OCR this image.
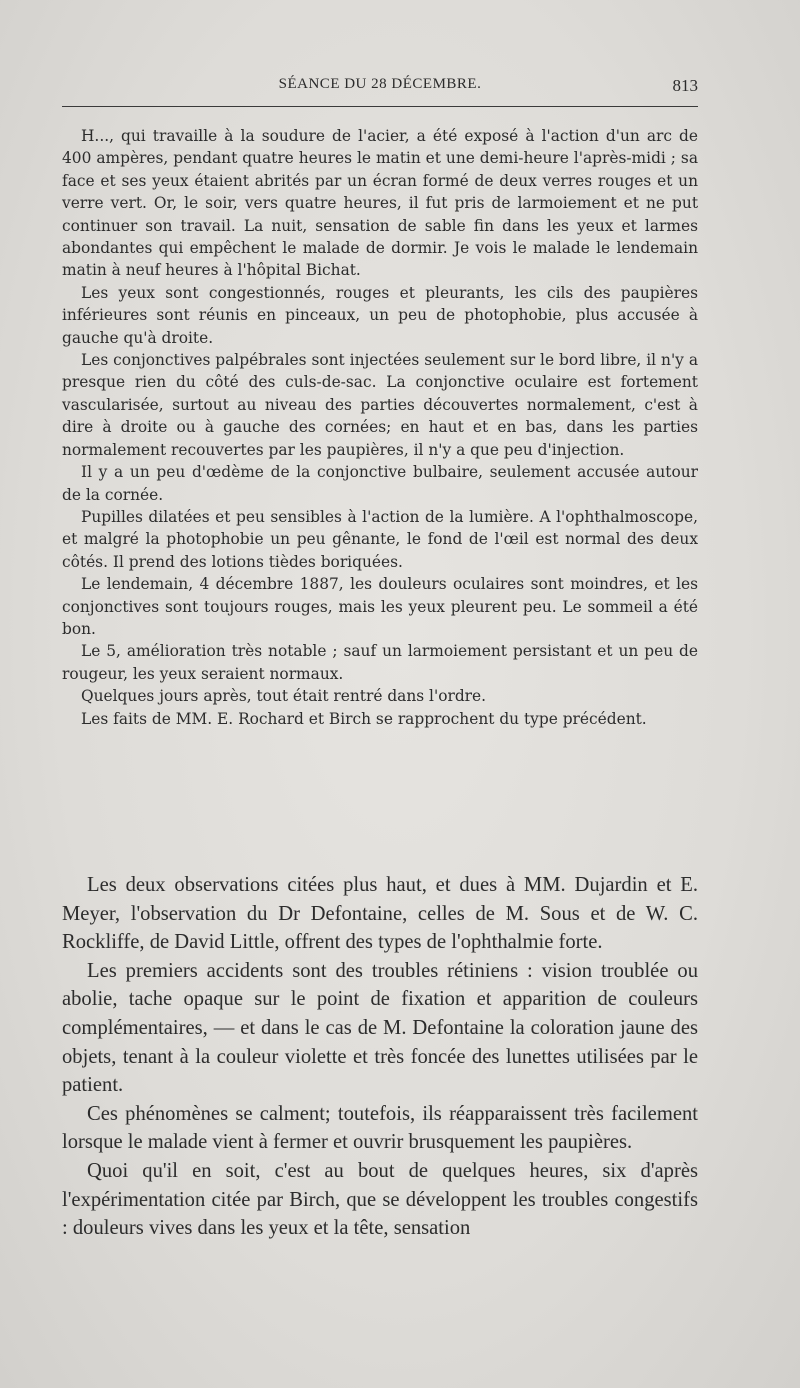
SÉANCE DU 28 DÉCEMBRE.	813

H..., qui travaille à la soudure de l'acier, a été exposé à l'action d'un arc de 400 ampères, pendant quatre heures le matin et une demi-heure l'après-midi ; sa face et ses yeux étaient abrités par un écran formé de deux verres rouges et un verre vert. Or, le soir, vers quatre heures, il fut pris de larmoiement et ne put continuer son travail. La nuit, sensation de sable fin dans les yeux et larmes abondantes qui empêchent le malade de dormir. Je vois le malade le lendemain matin à neuf heures à l'hôpital Bichat.

Les yeux sont congestionnés, rouges et pleurants, les cils des paupières inférieures sont réunis en pinceaux, un peu de photophobie, plus accusée à gauche qu'à droite.

Les conjonctives palpébrales sont injectées seulement sur le bord libre, il n'y a presque rien du côté des culs-de-sac. La conjonctive oculaire est fortement vascularisée, surtout au niveau des parties découvertes normalement, c'est à dire à droite ou à gauche des cornées; en haut et en bas, dans les parties normalement recouvertes par les paupières, il n'y a que peu d'injection.

Il y a un peu d'œdème de la conjonctive bulbaire, seulement accusée autour de la cornée.

Pupilles dilatées et peu sensibles à l'action de la lumière. A l'ophthalmoscope, et malgré la photophobie un peu gênante, le fond de l'œil est normal des deux côtés. Il prend des lotions tièdes boriquées.

Le lendemain, 4 décembre 1887, les douleurs oculaires sont moindres, et les conjonctives sont toujours rouges, mais les yeux pleurent peu. Le sommeil a été bon.

Le 5, amélioration très notable ; sauf un larmoiement persistant et un peu de rougeur, les yeux seraient normaux.

Quelques jours après, tout était rentré dans l'ordre.

Les faits de MM. E. Rochard et Birch se rapprochent du type précédent.

Les deux observations citées plus haut, et dues à MM. Dujardin et E. Meyer, l'observation du Dr Defontaine, celles de M. Sous et de W. C. Rockliffe, de David Little, offrent des types de l'ophthalmie forte.

Les premiers accidents sont des troubles rétiniens : vision troublée ou abolie, tache opaque sur le point de fixation et apparition de couleurs complémentaires, — et dans le cas de M. Defontaine la coloration jaune des objets, tenant à la couleur violette et très foncée des lunettes utilisées par le patient.

Ces phénomènes se calment; toutefois, ils réapparaissent très facilement lorsque le malade vient à fermer et ouvrir brusquement les paupières.

Quoi qu'il en soit, c'est au bout de quelques heures, six d'après l'expérimentation citée par Birch, que se développent les troubles congestifs : douleurs vives dans les yeux et la tête, sensation
